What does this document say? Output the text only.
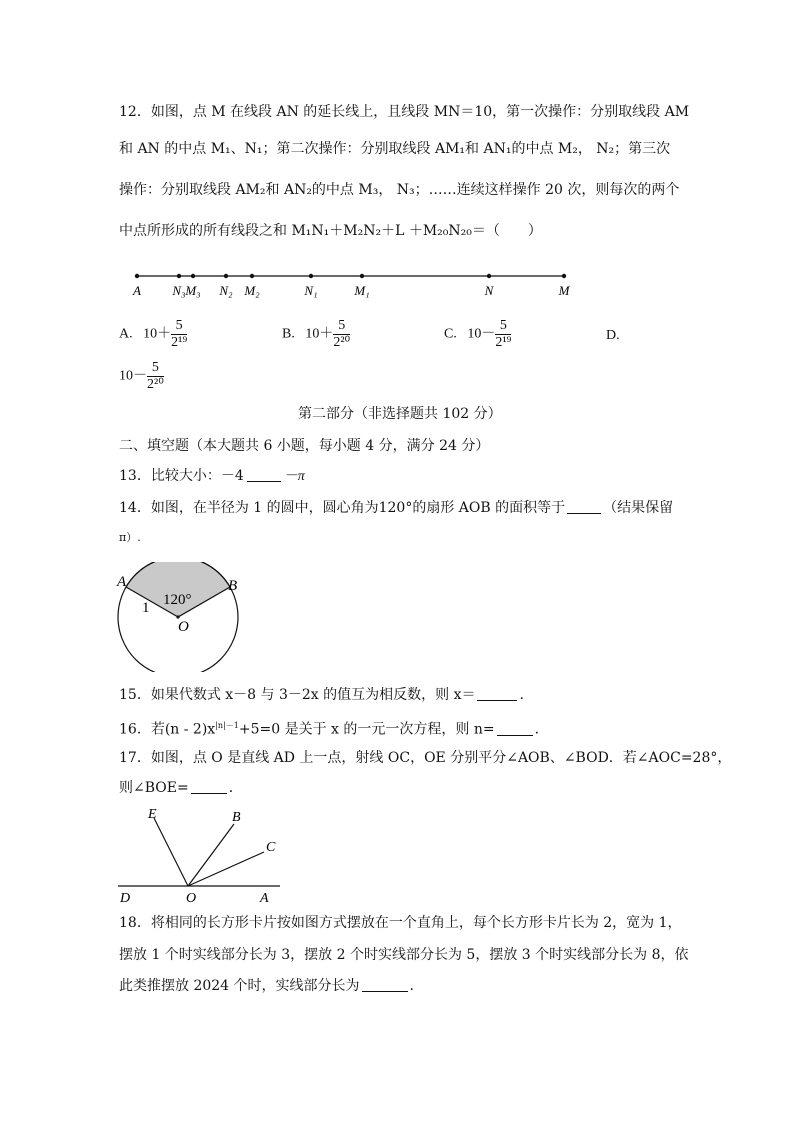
12．如图，点 M 在线段 AN 的延长线上，且线段 MN＝10，第一次操作：分别取线段 AM
和 AN 的中点 M₁、N₁；第二次操作：分别取线段 AM₁和 AN₁的中点 M₂， N₂；第三次
操作：分别取线段 AM₂和 AN₂的中点 M₃， N₃；……连续这样操作 20 次，则每次的两个
中点所形成的所有线段之和 M₁N₁＋M₂N₂＋L ＋M₂₀N₂₀＝（　　）
A N₃ M₃ N₂ M₂	N₁	M₁	N	M
A. $10+ \frac{5}{\text{2¹⁹}}$	B. $10+ \frac{5}{\text{2²⁰}}$	C. $10- \frac{5}{\text{2¹⁹}}$	D.
$10- \frac{5}{\text{2²⁰}}$
第二部分（非选择题共 102 分）
二、填空题（本大题共 6 小题，每小题 4 分，满分 24 分）
13．比较大小：－4	－π
14．如图，在半径为 1 的圆中，圆心角为120°的扇形 AOB 的面积等于	（结果保留
π）.
A	B
O
120°
1
15．如果代数式 x－8 与 3－2x 的值互为相反数，则 x＝	.
16．若$(n - 2)x^{|n|-1}+5=0$ 是关于 x 的一元一次方程，则 n=	.
17．如图，点 O 是直线 AD 上一点，射线 OC，OE 分别平分∠AOB、∠BOD．若∠AOC=28°，
则∠BOE=	．
E	B
C
D	O	A
18．将相同的长方形卡片按如图方式摆放在一个直角上，每个长方形卡片长为 2，宽为 1，
摆放 1 个时实线部分长为 3，摆放 2 个时实线部分长为 5，摆放 3 个时实线部分长为 8，依
此类推摆放 2024 个时，实线部分长为	.
